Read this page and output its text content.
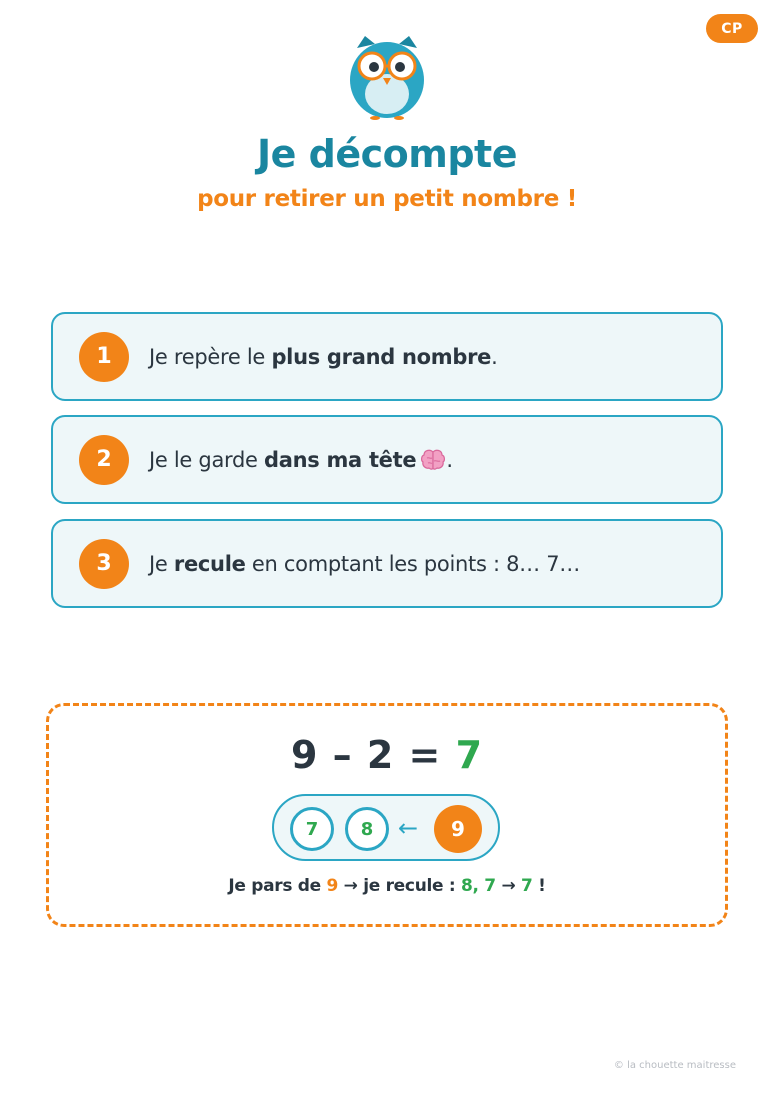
CP
Je décompte
pour retirer un petit nombre !
1	Je repère le plus grand nombre.
2	Je le garde dans ma tête .
3	Je recule en comptant les points : 8… 7…
9 – 2 = 7
7	8	←	9
Je pars de 9 → je recule : 8, 7 → 7 !
© la chouette maitresse
